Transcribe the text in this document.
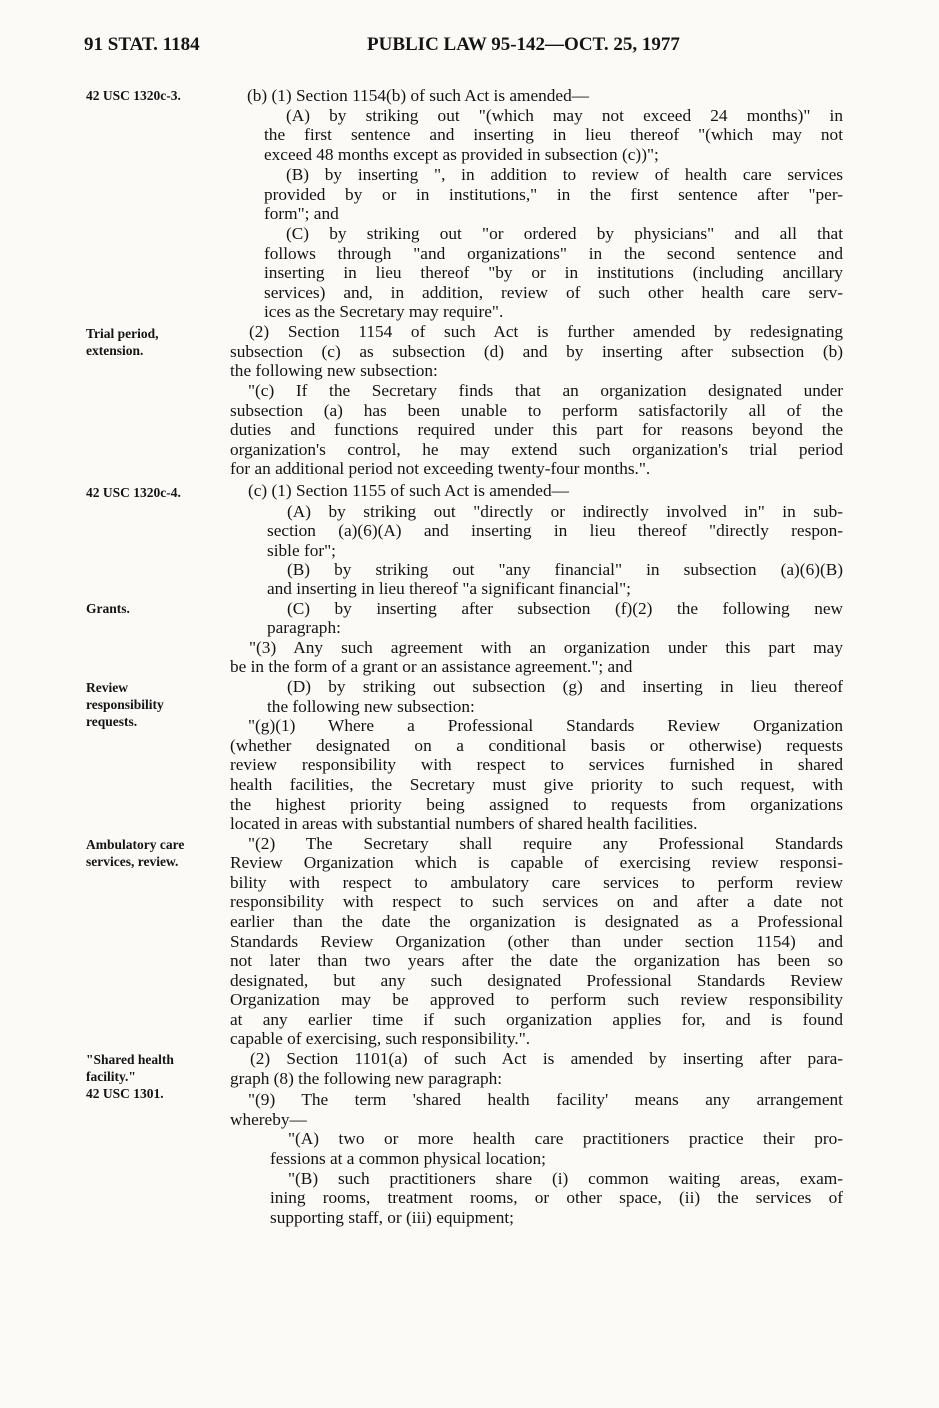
91 STAT. 1184	PUBLIC LAW 95-142—OCT. 25, 1977
42 USC 1320c-3.
Trial period,
extension.
42 USC 1320c-4.
Grants.
Review
responsibility
requests.
Ambulatory care
services, review.
"Shared health
facility."
42 USC 1301.
(b) (1) Section 1154(b) of such Act is amended—
(A) by striking out "(which may not exceed 24 months)" in
the first sentence and inserting in lieu thereof "(which may not
exceed 48 months except as provided in subsection (c))";
(B) by inserting ", in addition to review of health care services
provided by or in institutions," in the first sentence after "per-
form"; and
(C) by striking out "or ordered by physicians" and all that
follows through "and organizations" in the second sentence and
inserting in lieu thereof "by or in institutions (including ancillary
services) and, in addition, review of such other health care serv-
ices as the Secretary may require".
(2) Section 1154 of such Act is further amended by redesignating
subsection (c) as subsection (d) and by inserting after subsection (b)
the following new subsection:
"(c) If the Secretary finds that an organization designated under
subsection (a) has been unable to perform satisfactorily all of the
duties and functions required under this part for reasons beyond the
organization's control, he may extend such organization's trial period
for an additional period not exceeding twenty-four months.".
(c) (1) Section 1155 of such Act is amended—
(A) by striking out "directly or indirectly involved in" in sub-
section (a)(6)(A) and inserting in lieu thereof "directly respon-
sible for";
(B) by striking out "any financial" in subsection (a)(6)(B)
and inserting in lieu thereof "a significant financial";
(C) by inserting after subsection (f)(2) the following new
paragraph:
"(3) Any such agreement with an organization under this part may
be in the form of a grant or an assistance agreement."; and
(D) by striking out subsection (g) and inserting in lieu thereof
the following new subsection:
"(g)(1) Where a Professional Standards Review Organization
(whether designated on a conditional basis or otherwise) requests
review responsibility with respect to services furnished in shared
health facilities, the Secretary must give priority to such request, with
the highest priority being assigned to requests from organizations
located in areas with substantial numbers of shared health facilities.
"(2) The Secretary shall require any Professional Standards
Review Organization which is capable of exercising review responsi-
bility with respect to ambulatory care services to perform review
responsibility with respect to such services on and after a date not
earlier than the date the organization is designated as a Professional
Standards Review Organization (other than under section 1154) and
not later than two years after the date the organization has been so
designated, but any such designated Professional Standards Review
Organization may be approved to perform such review responsibility
at any earlier time if such organization applies for, and is found
capable of exercising, such responsibility.".
(2) Section 1101(a) of such Act is amended by inserting after para-
graph (8) the following new paragraph:
"(9) The term 'shared health facility' means any arrangement
whereby—
"(A) two or more health care practitioners practice their pro-
fessions at a common physical location;
"(B) such practitioners share (i) common waiting areas, exam-
ining rooms, treatment rooms, or other space, (ii) the services of
supporting staff, or (iii) equipment;
